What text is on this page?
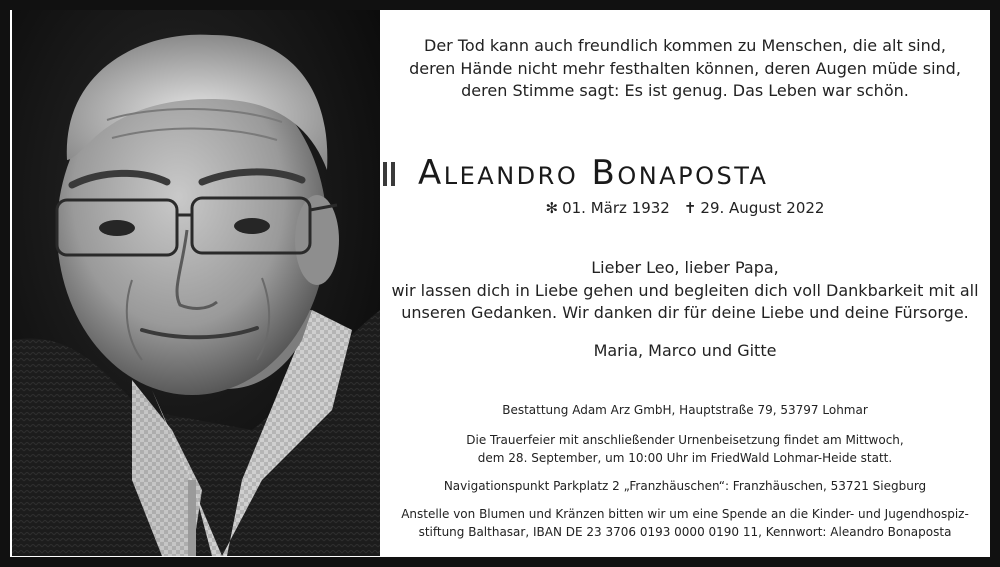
Der Tod kann auch freundlich kommen zu Menschen, die alt sind,

deren Hände nicht mehr festhalten können, deren Augen müde sind,

deren Stimme sagt: Es ist genug. Das Leben war schön.

Aleandro Bonaposta
✻ 01. März 1932 ✝ 29. August 2022

Lieber Leo, lieber Papa,

wir lassen dich in Liebe gehen und begleiten dich voll Dankbarkeit mit all

unseren Gedanken. Wir danken dir für deine Liebe und deine Fürsorge.

Maria, Marco und Gitte

Bestattung Adam Arz GmbH, Hauptstraße 79, 53797 Lohmar

Die Trauerfeier mit anschließender Urnenbeisetzung findet am Mittwoch,

dem 28. September, um 10:00 Uhr im FriedWald Lohmar-Heide statt.

Navigationspunkt Parkplatz 2 „Franzhäuschen“: Franzhäuschen, 53721 Siegburg

Anstelle von Blumen und Kränzen bitten wir um eine Spende an die Kinder- und Jugendhospiz-

stiftung Balthasar, IBAN DE 23 3706 0193 0000 0190 11, Kennwort: Aleandro Bonaposta
